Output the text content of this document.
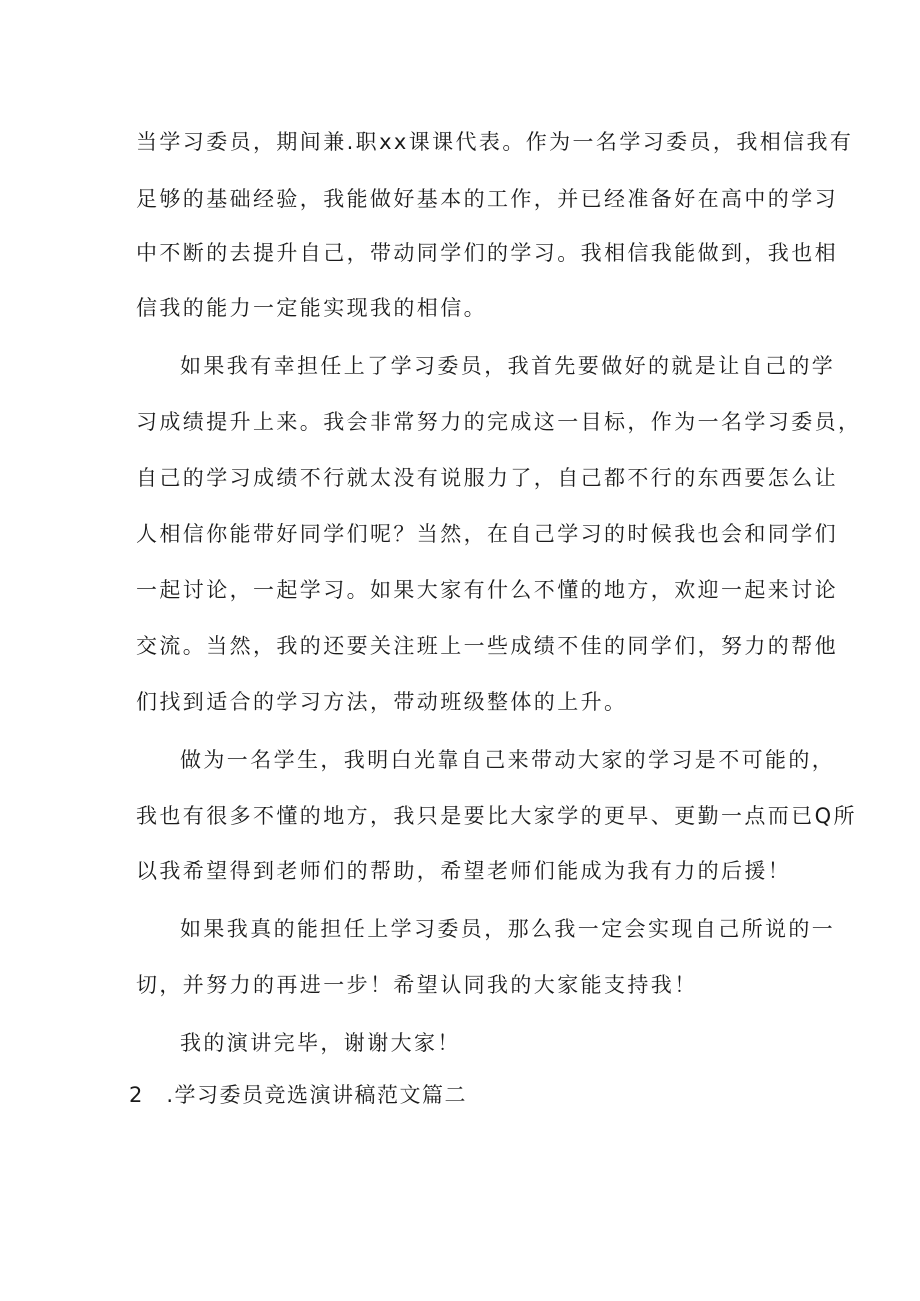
当学习委员，期间兼.职xx课课代表。作为一名学习委员，我相信我有
足够的基础经验，我能做好基本的工作，并已经准备好在高中的学习
中不断的去提升自己，带动同学们的学习。我相信我能做到，我也相
信我的能力一定能实现我的相信。
如果我有幸担任上了学习委员，我首先要做好的就是让自己的学
习成绩提升上来。我会非常努力的完成这一目标，作为一名学习委员，
自己的学习成绩不行就太没有说服力了，自己都不行的东西要怎么让
人相信你能带好同学们呢？当然，在自己学习的时候我也会和同学们
一起讨论，一起学习。如果大家有什么不懂的地方，欢迎一起来讨论
交流。当然，我的还要关注班上一些成绩不佳的同学们，努力的帮他
们找到适合的学习方法，带动班级整体的上升。
做为一名学生，我明白光靠自己来带动大家的学习是不可能的，
我也有很多不懂的地方，我只是要比大家学的更早、更勤一点而已Q所
以我希望得到老师们的帮助，希望老师们能成为我有力的后援！
如果我真的能担任上学习委员，那么我一定会实现自己所说的一
切，并努力的再进一步！希望认同我的大家能支持我！
我的演讲完毕，谢谢大家！
2　.学习委员竞选演讲稿范文篇二
